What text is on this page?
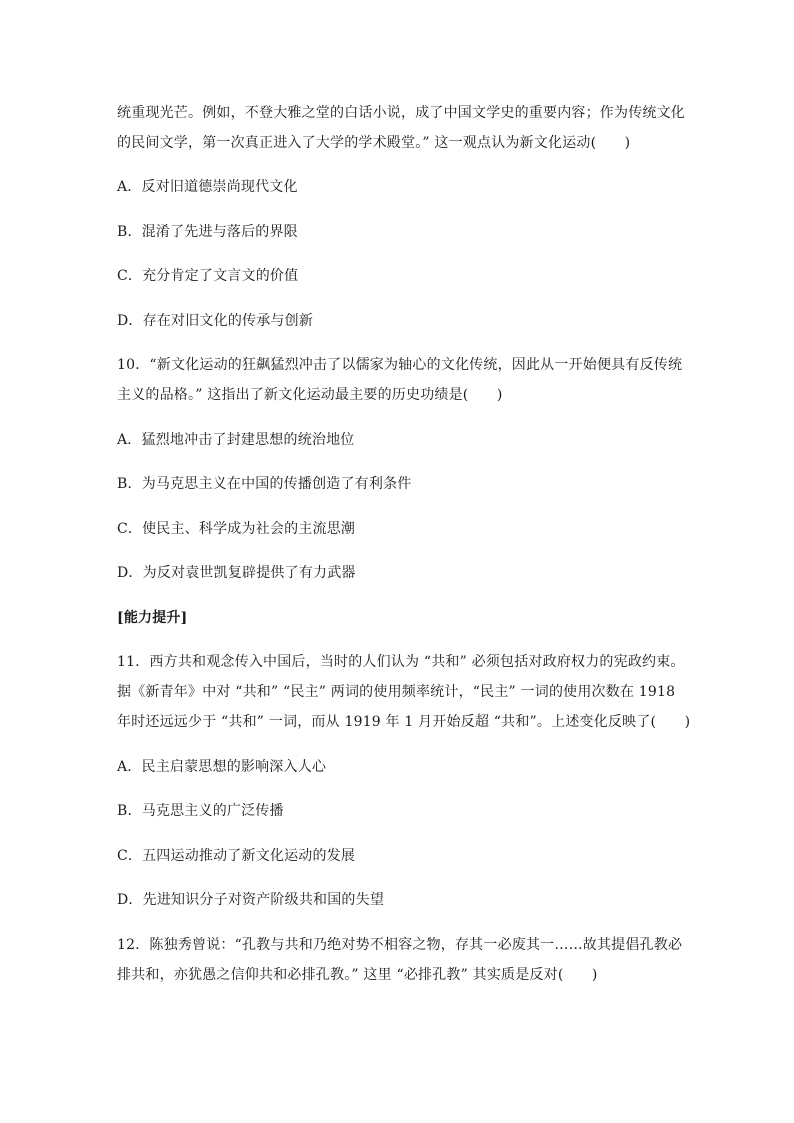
统重现光芒。例如，不登大雅之堂的白话小说，成了中国文学史的重要内容；作为传统文化
的民间文学，第一次真正进入了大学的学术殿堂。” 这一观点认为新文化运动(　　)
A．反对旧道德崇尚现代文化
B．混淆了先进与落后的界限
C．充分肯定了文言文的价值
D．存在对旧文化的传承与创新
10．“新文化运动的狂飙猛烈冲击了以儒家为轴心的文化传统，因此从一开始便具有反传统
主义的品格。” 这指出了新文化运动最主要的历史功绩是(　　)
A．猛烈地冲击了封建思想的统治地位
B．为马克思主义在中国的传播创造了有利条件
C．使民主、科学成为社会的主流思潮
D．为反对袁世凯复辟提供了有力武器
[能力提升]
11．西方共和观念传入中国后，当时的人们认为 “共和” 必须包括对政府权力的宪政约束。
据《新青年》中对 “共和” “民主” 两词的使用频率统计，“民主” 一词的使用次数在 1918
年时还远远少于 “共和” 一词，而从 1919 年 1 月开始反超 “共和”。上述变化反映了(　　)
A．民主启蒙思想的影响深入人心
B．马克思主义的广泛传播
C．五四运动推动了新文化运动的发展
D．先进知识分子对资产阶级共和国的失望
12．陈独秀曾说：“孔教与共和乃绝对势不相容之物，存其一必废其一……故其提倡孔教必
排共和，亦犹愚之信仰共和必排孔教。” 这里 “必排孔教” 其实质是反对(　　)
